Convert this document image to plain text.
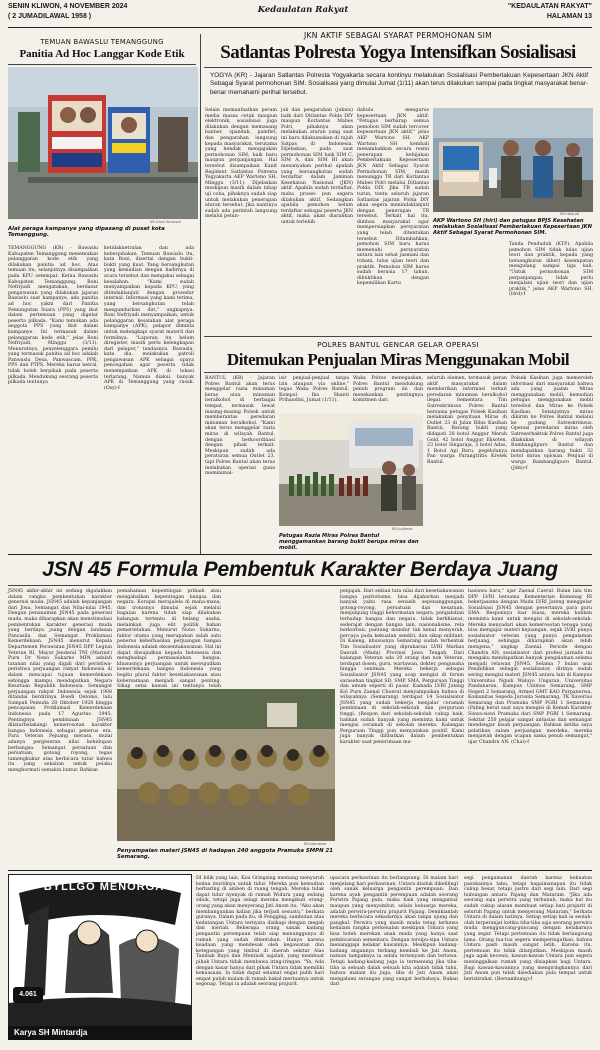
SENIN KLIWON, 4 NOVEMBER 2024
( 2 JUMADILAWAL 1958 )
Kedaulatan Rakyat	"KEDAULATAN RAKYAT"
HALAMAN 13
TEMUAN BAWASLU TEMANGGUNG
Panitia Ad Hoc Langgar Kode Etik
KR-Zaini Arrosyid
Alat peraga kampanye yang dipasang di pusat kota Temanggung.
TEMANGGUNG (KR) - Bawaslu Kabupaten Temanggung menemukan pelanggaran kode etik yang dilakukan panitia ad hoc. Atas temuan itu, selanjutnya disampaikan pada KPU setempat. Ketua Bawaslu Kabupaten Temanggung, Roni Nefriyadi mengatakan, berdasar pengawasan yang dilakukan jajaran Bawaslu saat kampanye, ada panitia ad hoc yakni dari Panitia Pemungutan Suara (PPS) yang ikut dalam pertemuan yang digelar peserta pilkada. "Kami temukan ada anggota PPS yang ikut dalam kampanye. Ini termasuk dalam pelanggaran kode etik," jelas Roni Nefriyadi, Minggu (3/11). Menurutnya, penyelenggara pemilu yang termasuk panitia ad hoc adalah Panwaslu Desa, Panwascam, PPK, PPS dan PTPS. Mereka harus netral, tidak boleh berpihak pada peserta pilkada. Mendukung seorang peserta pilkada tentunya
ketidaknetralan dan ada keberpihakan. Temuan Bawaslu itu, kata Roni, disertai dengan bukti-bukti yang kuat. Yang bersangkutan yang kemudian dengan hadirnya di acara tersebut dan mengakui sebagai kesalahan. "Kami sudah menyampaikan kepada KPU, yang ditindaklanjuti dengan prosedur internal. Informasi yang kami terima, yang bersangkutan telah mengundurkan diri," ungkapnya. Roni Nefriyadi menyampaikan, untuk pelanggaran kesalahan alat peraga kampanye (APK), pelapor diminta untuk melengkapi syarat materil dan formilnya. "Laporan itu belum diregister, masih perlu kelengkapan dari pelapor," tandasnya. Bawaslu, kata dia, melakukan patroli pengawasan APK sebagai upaya pencegahan agar peserta tidak menempatkan APK di lokasi terlarang. Namun diakui, banyak APK di Temanggung yang rusak. (Osy)-f
JKN AKTIF SEBAGAI SYARAT PERMOHONAN SIM
Satlantas Polresta Yogya Intensifkan Sosialisasi
YOGYA (KR) - Jajaran Satlantas Polresta Yogyakarta secara kontinyu melakukan Sosialisasi Pemberlakuan Kepesertaan JKN Aktif Sebagai Syarat permohonan SIM. Sosialisasi yang dimulai Jumat (1/11) akan terus dilakukan sampai pada tingkat masyarakat benar-benar memahami perihal tersebut.
Selain memanfaatkan perum media massa cetak maupun elektronik, sosialisasi juga dilakukan dengan memasang banner, spanduk, pamflet, dan pengarahan langsung kepada masyarakat, terutama yang hendak mengajukan permohonan SIM, baik baru maupun perpanjangan. Hal tersebut disampaikan Kanit Regident Satlantas Polresta Yogyakarta AKP Wartono SH, Minggu (3/11). Dijelaskan meskipun masih dalam tahap uji coba, pihaknya sudah siap untuk melakukan penerapan aturan tersebut. Jika nantinya sudah ada perintah langsung melalui petun-
juk dan pengarahan (juknis) baik dari Ditlantas Polda DIY maupun Korlantas Mabes Polri, pihaknya akan melakukan aturan yang saat ini baru dilaksanakan di tujuh Satpas di Indonesia. Dijelaskan, pada saat permohonan SIM baik SIM C, SIM A, dan SIM BI akan menanyakan perihal apakah yang bersangkutan sudah terdaftar dalam Jaminan Kesehatan Nasional (JKN) aktif. Apabila sudah terdaftar, maka proses pun segera dilakukan aktif. Sedangkan apabila pemohon belum terdaftar sebagai peserta JKN aktif, maka akan diarahkan untuk terlebih
dahulu mengurus kepesertaan JKN aktif. "Petugas berharap semua pemohon SIM sudah tercover kepesertaan JKN aktif," jelas AKP Wartono SH. AKP Wartono SH kembali menambahkan secara resmi penerapan kebijakan Pemberlakuan Kepesertaan JKN Aktif Sebagai Syarat Permohonan SIM, masih menunggu TR dari Korlantas Mabes Polri melalui Ditlantas Polda DIY. Jika TR sudah turun, tentu seluruh jajaran Satlantas jajaran Polda DIY akan segera menindaklanjuti dengan penerapan TR tersebut. Terkait hal itu, dimbau masyarakat agar mempersiapkan persyaratan yang telah ditentukan tersebut. Ditambahkan, pemohon SIM baru harus memenuhi persyaratan antara lain sehat jasmani dan rohani, lulus ujian teori dan praktik. Pemohon SIM harus sudah berusia 17 tahun, dibuktikan dengan kepemilikan Kartu
KR-Harjudi
AKP Wartono SH (hiri) dan petugas BPJS Kesehatan melakukan Sosialisasi Pemberlakuan Kepesertaan JKN Aktif Sebagai Syarat Permohonan SIM.
Tanda Penduduk (KTP). Apabila pemohon SIM tidak lulus ujian teori dan praktik, kepada yang bersangkutan diberi kesempatan mengulang sampai tiga kali. "Untuk permohonan SIM perpanjangan, tidak perlu menjalani ujian teori dan ujian praktik," jelas AKP Wartono SH. (Hrd)-f
POLRES BANTUL GENCAR GELAR OPERASI
Ditemukan Penjualan Miras Menggunakan Mobil
BANTUL (KR) - Jajaran Polres Bantul akan terus menggelar razia minuman keras atau minuman beralkohol di berbagai tempat, termasuk lewat masing-masing Polsek untuk memberantas peredaran minuman beralkohol. "Kami akan terus menggelar razia miras di wilayah Bantul, dengan berkoordinasi dengan pihak terkait. Meskipun sudah ada peraturan semua Outlet 23, tapi Polres Bantul akan terus melakukan operasi guna meminimal-
isir penjual-penjual tanpa izin ataupun via online," tegas Waka Polres Bantul, Kompol Ika Shanti Prihandini, Jumat (1/11).
Waka Polres menegaskan, Polres Bantul mendukung penuh program ini dan menekankan pentingnya komitmen dari
KR-Judiman
Petugas Razia Miras Polres Bantul menggamankan barang bukti berupa miras dan mobil.
seluruh elemen, termasuk peran aktif masyarakat dalam memberikan informasi terkait peredaran minuman beralkohol ilegal. Sementara Tim Satreskrimsus Polres Bantul bersama petugas Polsek Kasihan melakukan penyitaan Miras di Outlet 23 di Jalan Bibis Kasihan Bantul, Barang bukti yang didapati 28 botol Anggur Merah Gold, 42 botol Anggur Eksoten, 23 botol Singaraja, 3 botol Adas, 1 Botol Api Baru, pegelolanya Pan warga Parangtritis Kretek Bantul.
Polsek Kasihan juga memeroleh informasi dari masyarakat bahwa ada yang jualan Miras menggunakan mobil, kemudian petugas menggunakan mobil tersebut dan Miras ke Polsek Kasihan. Selanjutnya miras dikirim ke Polres Bantul melalui ke gudang Satreskrimsus. Operasi peredaran miras oleh Satreserbaktuk Polres Bantul juga dilakukan di wilayah Bambanglipuro Bantul dan mendapatkan barang bukti 32 botol miras oplosan. Penjual di warga Bambanglipuro Bantul. (Jdm)-f
JSN 45 Formula Pembentuk Karakter Berdaya Juang
JSN45 akhir-akhir ini sedang digalakkan dalam rangka pembentukan karakter generasi muda. JSN45 adalah kepanjangan dari Jiwa, Semangat dan Nilai-nilai 1945. Dengan penanaman JSN45 pada generasi muda, maka diharapkan akan menstimulasi pembentukan karakter generasi muda yang berdaya juang dengan landasan Pancasila dan Semangat Proklamasi Kemerdekaan. JSN45 menurut Kepala Departemen Perawatan JSN45 DPP Legiun Veteran RI, Mayor Jenderal TNI (Marinir) Purn Dr Nono Sukarno MPA adalah tatanan nilai yang digali dari peristiwa-peristiwa perjuangan rakyat Indonesia di dalam mencapai tujuan kemerdekaan sehingga mampu mendapatkan Negara Kesatuan Republik Indonesia. Semangat perjuangan rakyat Indonesia sejak 1908 ditandai berdirinya Boedi Oetomo, lalu Sumpah Pemuda 28 Oktober 1928 hingga pencapaian Proklamasi Kemerdekaan Indonesia pada 17 Agustus 1945. Pentingnya pembinaan JSN45 dilatarbelakangi kemerosotan karakter bangsa Indonesia sebagai penerus era. Para Veteran Pejuang merasa, mulai adanya pergeseran nilai kehidupan berbangsa. Semangat persatuan dan persatuan, gotong royong, tegas tamengkukur atas berbicara tutur bahwa itu yang sekalian untuk pelaku menghormati semakin luntur. Bahkan
pemahaman kepentingan pribadi atau mengabaikan kepentingan bangsa dan negara. Korupsi merajalela di mana-mana, dan ironisnya dimulai sejak melalui bagaian karena tidak siap dilakukan kalangan tertentu di belang usaha, melainkan juga elit politik bahan pemerintahan. Menurut Nono Sukarno, faktor utama yang merupakan salah satu penerus keberhasilan perjuangan bangsa Indonesia adalah ekosentakawanan. Hal ini dapat diwujudkan kepada Indonesia dan menghadapi permasalahan bangsa, khususnya perjuangan untuk mewujudkan kemerdekaan, bangsa Indonesia yang begitu plural faktor kesetiakawanan atau kebersamaan menjadi sangat penting. Sikap setia kawan ini tentunya telah
KR-Istimewa
Penyampaian materi JSN45 di hadapan 240 anggota Pramuka SMPN 21 Semarang.
penjajah. Dari sekian tata nilai dari kesetiakawanan bangsa patriotisme, bisa dijabarkan menjadi banyak yaitu rasa senasib sepenanggungan, gotong-royong, persatuan dan kesatuan, menjunjung tinggi kehormatan negara, pengabdian terhadap bangsa dan negara, tidak berkhianat, sederajat dengan bangsa lain, nasionalisme, rela berkorban, pantang mundur tak kenal menyerah, percaya pada kekuatan sendiri, dan sikap militant. Di Kaleng, khususnya Semarang sudah terbentuk Tim Sosialisator yang diprakarsai LVRI Markas Daerah (Mada) Provinsi Jawa Tengah. Dari kalangan Veteran ada 20 orang dan non Veteran, terdapat dosen, guru, wartawan, dokter, pengusaha hingga seniman. Mereka bekerja sebagai Sosialisator JSN45 yang acap mengisi di forum sarasehan tingkat SD, SMP, SMA, Perguruan Tinggi dan umum seperti di pasar. Kamada LVRI Jateng Kol Purn Zaenal Choerul menyampaikan bahwa di wilayahnya (Semarang) terdapat 14 Sosialisator JSN45 yang sudah bekerja menjalar ceramah pembinaan di sekolah-sekolah dan perguruan tinggi. (Respon dari sekolah-sekolah cukup baik, bahkan sudah banyak yang meminta kami untuk mengisi ceramah di sekolah mereka. Kalangan Perguruan Tinggi pun menyatakan positif. Kami juga banyak dilibatkan dalam pembentukan karakter saat penerimaan ma-
hasiswa baru," ujar Zaenal Caerul. Bulan lalu tim DPP LVRI bersama Kementerian Kemenag RI bekerjasama dengan Mada LVRI Jateng menggelar Sosialisasi JSN45 dengan pesertanya para guru SMA. Responnya luar biasa, mereka bahkan meminta kami untuk mengisi di sekolah-sekolah. Mereka menyadari akan kemerosotan tenaga yang bisa mengajar materi kejuangan, sejak LVRI punya sosialisator veteran yang punya pengalaman berjuang, sehingga diharapkan akan lebih mengena," ungkap Zaenal. Periode dengan Chandra AN, sosialisator dari profesi jurnalis ini mengaku mendapatkan banyak pengalaman selama menjadi relawan JSN45. Selama 7 bulan usai Pendidikan sebagai sosialisator, dirinya sudah sering mengisi materi JSN45 antara lain di Kampus Universitas Ngudi Waluyo Ungaran, Universitas Pandanaran, Kampus Unimus Semarang, SMP Negeri 2 Semarang, Armed GMT KAO Purpanerwa, Komunitas Sepeda Jurusila Semarang, TK Xaverius Semarang dan Pramuka SMP PGRI 1 Semarang. (Paling berat saat saya mengisi di Kemah Karakter Siswa-siswi Pramuka dari SMP PGRI 1 Semarang. Sekitar 250 pelajar sangat antusias dan semangat mendengar kisah perjuangan. Bahkan ketika saya pelatihan salam perjuangan merdeka, mereka menjawab dengan ucapan sama penuh semangat," ujar Chandra AN. (Chai)-f
BYLLGO MENORGA
4.061
Karya SH Mintardja
DI bilik yang lain, Kiai Gringsing memang menyuruh kedua muridnya untuk tidur. Mereka pun kemudian berbaring di amben di ruang tengah. Mereka tidak dapat tidur nyenyak di rumah Widura yang sedang sibuk, tetapi juga selagi mereka mengikuti orang-orang yang akan menyerang Jati Anom itu. "Aku akan membangunkan kalian jika terjadi sesuatu," berkata gurunya. Dalam pada itu, di Pengging, sambutan atas kedatangan Untara ternyata disikapi dengan megah dan meriah. Beberapa orang sanak kadang pengantin perempuan telah siap menunggunya di rumah yang sudah ditentukan. Hanya karena keadaan yang mendesak oleh kegawatan dan ketegangan yang timbul di daerah sekitar Alas Tambak Baya dan Mentaok sajalah, yang membuat pihak Untara tidak membawa iring-iringan. "Ya, Ada dengan kasar hanya dari pihak Untara tidak memiliki kekuasaan. Ia tidak dapat selamat engat pulih hari empat puluh malam di rumah bakal mertuanya untuk segenap. Tetapi ia adalah seorang prajurit.
upacara perkawinan itu berlangsung. Di malam hari menjelang hari perkawinan, Untara diaduk dikelilingi oleh sanak keluarga pengantin perempuan. Dan karena ayah pengantin perempuan adalah seorang Perwira Pajang pula, maka baik yang mengantar maupun yang menyambut, selain keluarga mereka, adalah perwira-perwira prajurit Pajang. Demikianlah mereka berbicara sekadarnya akan tanpa ujung dan pangkal. Perwira yang masih muda tetap terbawa kedalam rangka perkenalan meskipun Untara yang bisa boleh merekan anak muda yang hanya saat pembicaraan sementara. Dengan tersipu-sipu Untara menanggapi kelakar kawannya. Meskipun kadang-kadang angannya terbang kembali ke Jati Anom, namun tampaknya ia selalu tersenyum dan tertawa. Tetapi kadang-kadang juga ia termenung jika tiba-tiba ia sebuah dalah sebuah kita adalah tidak tahu, bahwa malam itu juga, tiba di Jati Anom akan mengalami serangan yang sangat berbahaya. Bukan dari
segi pengamanan daerah karena kekuatan pasukannya tahu, tetapi bagaimanapun itu tidak cukup besar, tetapi justru dari segi lain. Dari segi hubungan antara Pajang dan Mataram. "Jika ada seorang saja perwira yang terbunuh, maka hal itu sudah cukup alasan membuat setiap bati prajurit di seluruh Pajang untuk menyerang Mataram," berkata Untara di dalam hatinya. Setiap setiap kali ia seolah-olah terperanjat ketika tiba-tiba saja seorang perwira muda mengguncang-guncang dengan kelakarnya yang segar. Tetapi pertemuan itu tidak berlangsung lama. Orang tua-tua segera memperingatkan, bahwa Untara pasti masih sangat letih. Karena itu, pertemuan itu tidak dilanjutkan. Meskipun masih juga agak kecewa, kawan-kawan Untara pun segera meninggalkan rumah yang disiapkan bagi Untara. Bagi kawan-kawannya yang mengiringkannya dari Jati Anom pun telah disediakan pula tempat untuk beristirahat. (Bersambung)-f
